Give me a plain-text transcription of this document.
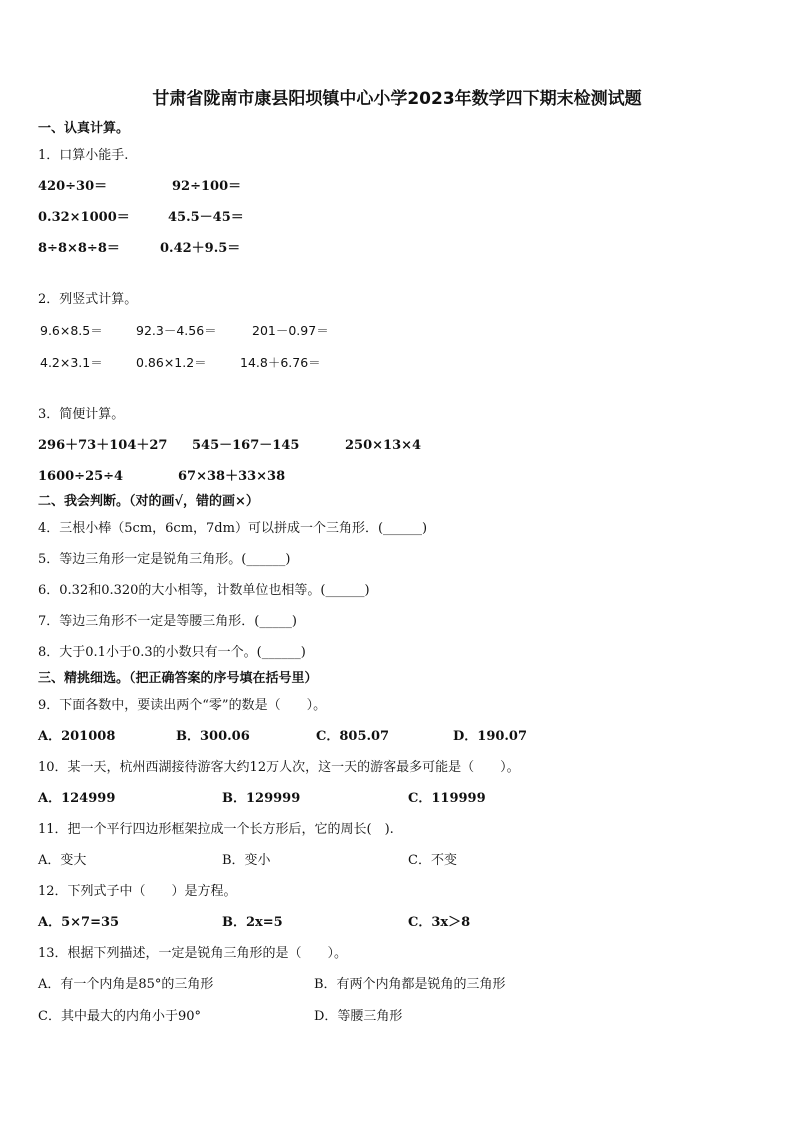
甘肃省陇南市康县阳坝镇中心小学2023年数学四下期末检测试题
一、认真计算。
1．口算小能手.
420÷30＝	92÷100＝
0.32×1000＝	45.5－45＝
8÷8×8÷8＝	0.42＋9.5＝
2．列竖式计算。
9.6×8.5＝	92.3－4.56＝	201－0.97＝
4.2×3.1＝	0.86×1.2＝	14.8＋6.76＝
3．简便计算。
296＋73＋104＋27 545－167－145	250×13×4
1600÷25÷4	67×38＋33×38
二、我会判断。（对的画√，错的画×）
4．三根小棒（5cm，6cm，7dm）可以拼成一个三角形．(______)
5．等边三角形一定是锐角三角形。(______)
6．0.32和0.320的大小相等，计数单位也相等。(______)
7．等边三角形不一定是等腰三角形．(_____)
8．大于0.1小于0.3的小数只有一个。(______)
三、精挑细选。（把正确答案的序号填在括号里）
9．下面各数中，要读出两个“零”的数是（　　）。
A．201008	B．300.06	C．805.07	D．190.07
10．某一天，杭州西湖接待游客大约12万人次，这一天的游客最多可能是（　　）。
A．124999	B．129999	C．119999
11．把一个平行四边形框架拉成一个长方形后，它的周长(　).
A．变大	B．变小	C．不变
12．下列式子中（　　）是方程。
A．5×7=35	B．2x=5	C．3x＞8
13．根据下列描述，一定是锐角三角形的是（　　）。
A．有一个内角是85°的三角形	B．有两个内角都是锐角的三角形
C．其中最大的内角小于90°	D．等腰三角形
